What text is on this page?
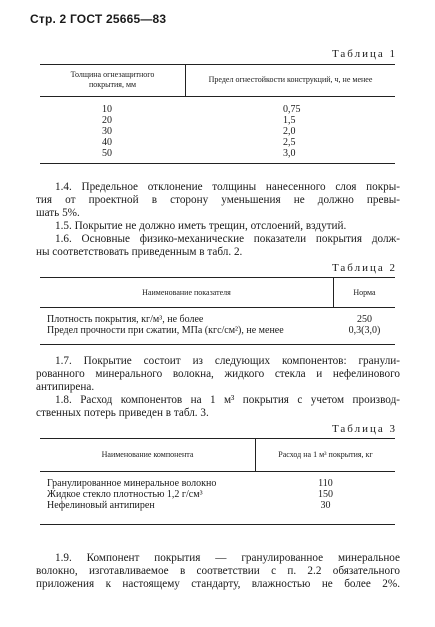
Стр. 2 ГОСТ 25665—83
Таблица 1
Толщина огнезащитного
покрытия, мм
Предел огнестойкости конструкций, ч, не менее
10
20
30
40
50
0,75
1,5
2,0
2,5
3,0
1.4. Предельное отклонение толщины нанесенного слоя покры-
тия от проектной в сторону уменьшения не должно превы-
шать 5%.
1.5. Покрытие не должно иметь трещин, отслоений, вздутий.
1.6. Основные физико-механические показатели покрытия долж-
ны соответствовать приведенным в табл. 2.
Таблица 2
Наименование показателя	Норма
Плотность покрытия, кг/м³, не более
Предел прочности при сжатии, МПа (кгс/см²), не менее
250
0,3(3,0)
1.7. Покрытие состоит из следующих компонентов: гранули-
рованного минерального волокна, жидкого стекла и нефелинового
антипирена.
1.8. Расход компонентов на 1 м³ покрытия с учетом производ-
ственных потерь приведен в табл. 3.
Таблица 3
Наименование компонента	Расход на 1 м³ покрытия, кг
Гранулированное минеральное волокно
Жидкое стекло плотностью 1,2 г/см³
Нефелиновый антипирен
110
150
30
1.9. Компонент покрытия — гранулированное минеральное
волокно, изготавливаемое в соответствии с п. 2.2 обязательного
приложения к настоящему стандарту, влажностью не более 2%.
